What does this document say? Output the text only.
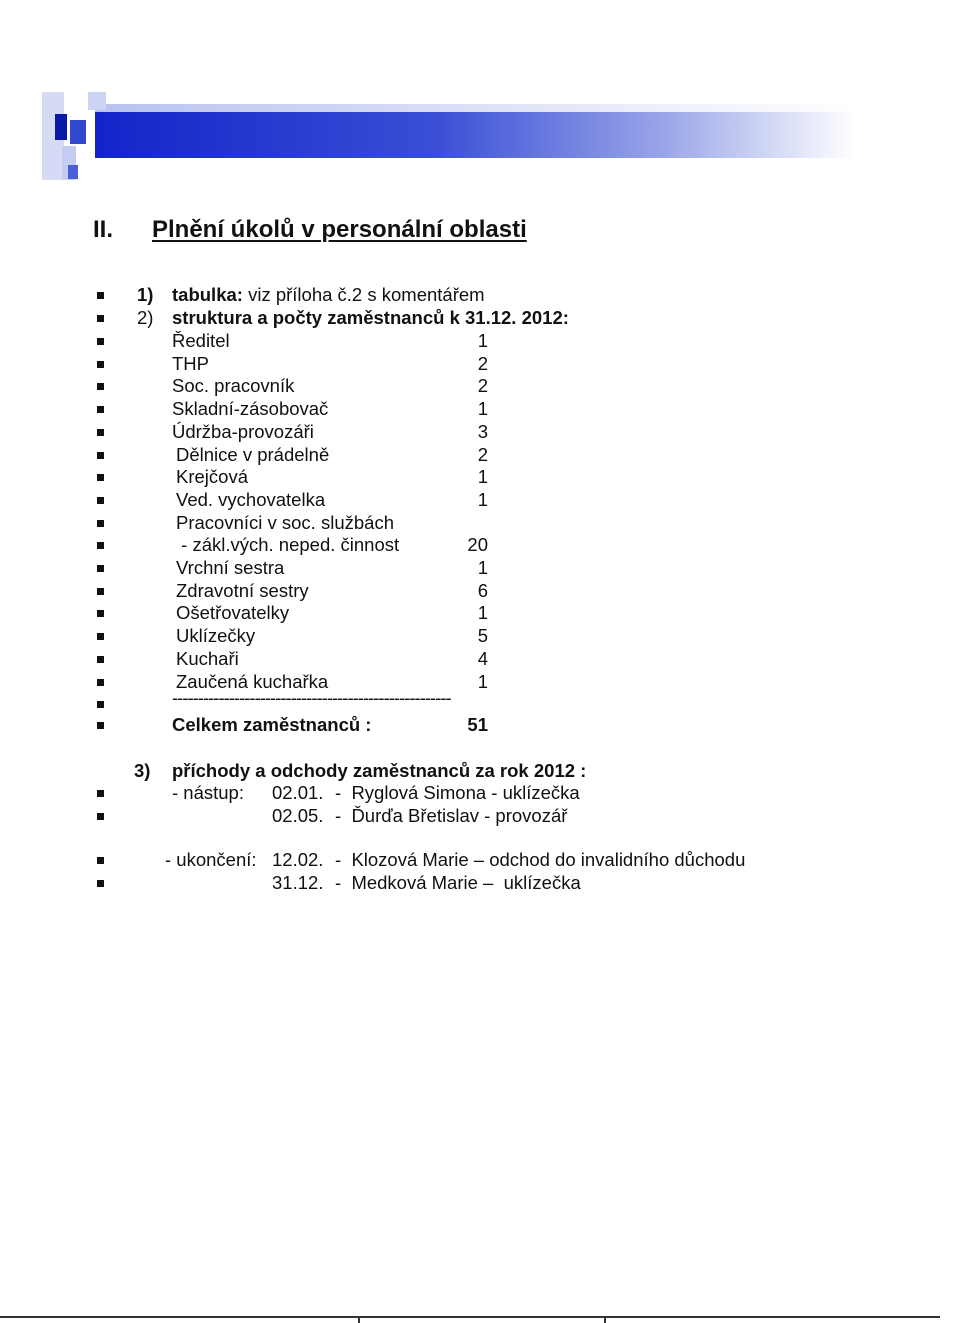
II. Plnění úkolů v personální oblasti
1) tabulka: viz příloha č.2 s komentářem
2) struktura a počty zaměstnanců k 31.12. 2012:
Ředitel	1
THP	2
Soc. pracovník	2
Skladní-zásobovač	1
Údržba-provozáři	3
Dělnice v prádelně	2
Krejčová	1
Ved. vychovatelka	1
Pracovníci v soc. službách
- zákl.vých. neped. činnost	20
Vrchní sestra	1
Zdravotní sestry	6
Ošetřovatelky	1
Uklízečky	5
Kuchaři	4
Zaučená kuchařka	1
------------------------------------------------------
Celkem zaměstnanců :	51
3) příchody a odchody zaměstnanců za rok 2012 :
- nástup: 02.01. -  Ryglová Simona - uklízečka
02.05. -  Ďurďa Břetislav - provozář
- ukončení: 12.02. -  Klozová Marie – odchod do invalidního důchodu
31.12. -  Medková Marie –  uklízečka
